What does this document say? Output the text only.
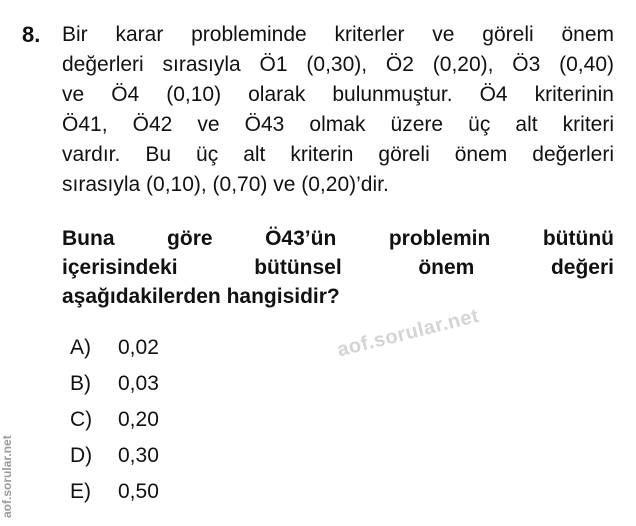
8. Bir karar probleminde kriterler ve göreli önem
değerleri sırasıyla Ö1 (0,30), Ö2 (0,20), Ö3 (0,40)
ve Ö4 (0,10) olarak bulunmuştur. Ö4 kriterinin
Ö41, Ö42 ve Ö43 olmak üzere üç alt kriteri
vardır. Bu üç alt kriterin göreli önem değerleri
sırasıyla (0,10), (0,70) ve (0,20)’dir.
Buna göre Ö43’ün problemin bütünü
içerisindeki bütünsel önem değeri
aşağıdakilerden hangisidir?
A) 0,02
B) 0,03
C) 0,20
D) 0,30
E) 0,50
aof.sorular.net
aof.sorular.net
